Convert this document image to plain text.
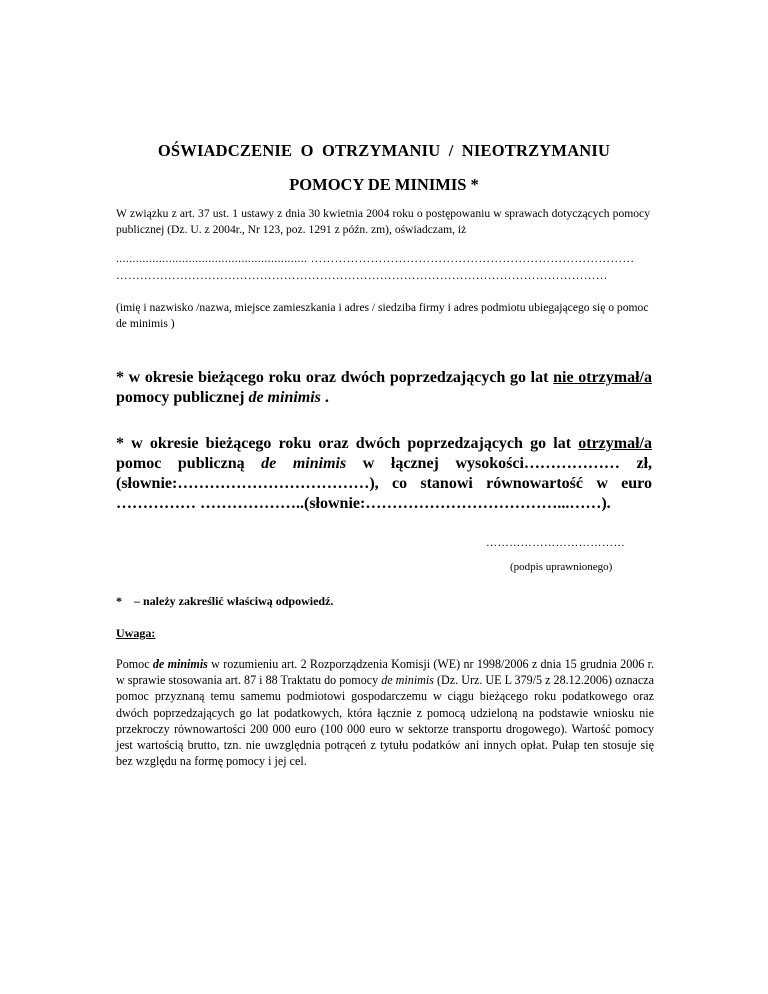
OŚWIADCZENIE O OTRZYMANIU / NIEOTRZYMANIU
POMOCY DE MINIMIS *

W związku z art. 37 ust. 1 ustawy z dnia 30 kwietnia 2004 roku o postępowaniu w sprawach dotyczących pomocy publicznej (Dz. U. z 2004r., Nr 123, poz. 1291 z późn. zm), oświadczam, iż

.......................................................... ………………………………………………………………………
……………………………………………………………………………………………………………

(imię i nazwisko /nazwa, miejsce zamieszkania i adres / siedziba firmy i adres podmiotu ubiegającego się o pomoc de minimis )

* w okresie bieżącego roku oraz dwóch poprzedzających go lat nie otrzymał/a pomocy publicznej de minimis .

* w okresie bieżącego roku oraz dwóch poprzedzających go lat otrzymał/a pomoc publiczną de minimis w łącznej wysokości……………… zł, (słownie:………………………………), co stanowi równowartość w euro …………… ………………..(słownie:………………………………...……).

………………………………
(podpis uprawnionego)
* – należy zakreślić właściwą odpowiedź.
Uwaga:

Pomoc de minimis w rozumieniu art. 2 Rozporządzenia Komisji (WE) nr 1998/2006 z dnia 15 grudnia 2006 r. w sprawie stosowania art. 87 i 88 Traktatu do pomocy de minimis (Dz. Urz. UE L 379/5 z 28.12.2006) oznacza pomoc przyznaną temu samemu podmiotowi gospodarczemu w ciągu bieżącego roku podatkowego oraz dwóch poprzedzających go lat podatkowych, która łącznie z pomocą udzieloną na podstawie wniosku nie przekroczy równowartości 200 000 euro (100 000 euro w sektorze transportu drogowego). Wartość pomocy jest wartością brutto, tzn. nie uwzględnia potrąceń z tytułu podatków ani innych opłat. Pułap ten stosuje się bez względu na formę pomocy i jej cel.
